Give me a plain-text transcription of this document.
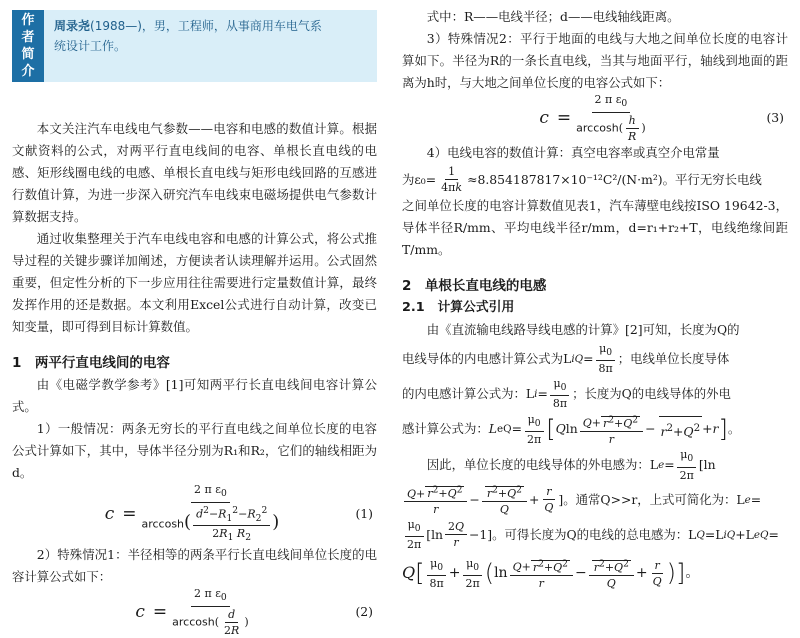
作
者
简
介
周录尧(1988—)，男，工程师，从事商用车电气系
统设计工作。

本文关注汽车电线电气参数——电容和电感的数值计算。根据文献资料的公式，对两平行直电线间的电容、单根长直电线的电感、矩形线圈电线的电感、单根长直电线与矩形电线回路的互感进行数值计算，为进一步深入研究汽车电线束电磁场提供电气参数计算数据支持。

通过收集整理关于汽车电线电容和电感的计算公式，将公式推导过程的关键步骤详加阐述，方便读者认读理解并运用。公式固然重要，但定性分析的下一步应用往往需要进行定量数值计算，最终发挥作用的还是数据。本文利用Excel公式进行自动计算，改变已知变量，即可得到目标计算数值。

1　两平行直电线间的电容

由《电磁学教学参考》[1]可知两平行长直电线间电容计算公式。

1）一般情况：两条无穷长的平行直电线之间单位长度的电容公式计算如下，其中，导体半径分别为R₁和R₂，它们的轴线相距为d。

$c = \frac{2 \pi \varepsilon_0}{\arccos h( \frac{d^2-R_1^2-R_2^2}{2R_1 R_2} )}$	(1)

2）特殊情况1：半径相等的两条平行长直电线间单位长度的电容计算公式如下：

$c = \frac{2 \pi \varepsilon_0}{\arccos h( \frac{d}{2R} )}$	(2)

式中：R——电线半径；d——电线轴线距离。

3）特殊情况2：平行于地面的电线与大地之间单位长度的电容计算如下。半径为R的一条长直电线，当其与地面平行，轴线到地面的距离为h时，与大地之间单位长度的电容公式如下：

$c = \frac{2 \pi \varepsilon_0}{\arccos h( \frac{h}{R} )}$	(3)

4）电线电容的数值计算：真空电容率或真空介电常量

为$\varepsilon_0= \frac{1}{4\pi k} \approx 8.854187817\times 10^{-12}C^2/(N\cdot m^2)$。平行无穷长电线

之间单位长度的电容计算数值见表1，汽车薄壁电线按ISO 19642-3，导体半径R/mm、平均电线半径r/mm，d=r₁+r₂+T，电线绝缘间距T/mm。

2　单根长直电线的电感
2.1　计算公式引用

由《直流输电线路导线电感的计算》[2]可知，长度为Q的

电线导体的内电感计算公式为L iQ = $\frac{\mu_0}{8\pi}$ ；电线单位长度导体
的内电感计算公式为：L $i = \frac{\mu_0}{8\pi}$ ；长度为Q的电线导体的外电
感计算公式为： L eQ = $\frac{\mu_0}{2\pi}$ [ Q $\ln \frac{Q+ r^2+Q^2}{r} - r^2+Q^2 + r$ ] 。
因此，单位长度的电线导体的外电感为：L $e = \frac{\mu_0}{2\pi} [\ln$
$\frac{Q+ r^2+Q^2}{r} - \frac{r^2+Q^2}{Q} + \frac{r}{Q}$ ]。 通常Q>>r，上式可简化为：L e =
$\frac{\mu_0}{2\pi} [\ln \frac{2Q}{r} -1]$。 可得长度为Q的电线的总电感为：L Q =L iQ +L eQ =
Q [ $\frac{\mu_0}{8\pi} + \frac{\mu_0}{2\pi}$ ( $\ln \frac{Q+ r^2+Q^2}{r} - \frac{r^2+Q^2}{Q} + \frac{r}{Q}$ )] 。
